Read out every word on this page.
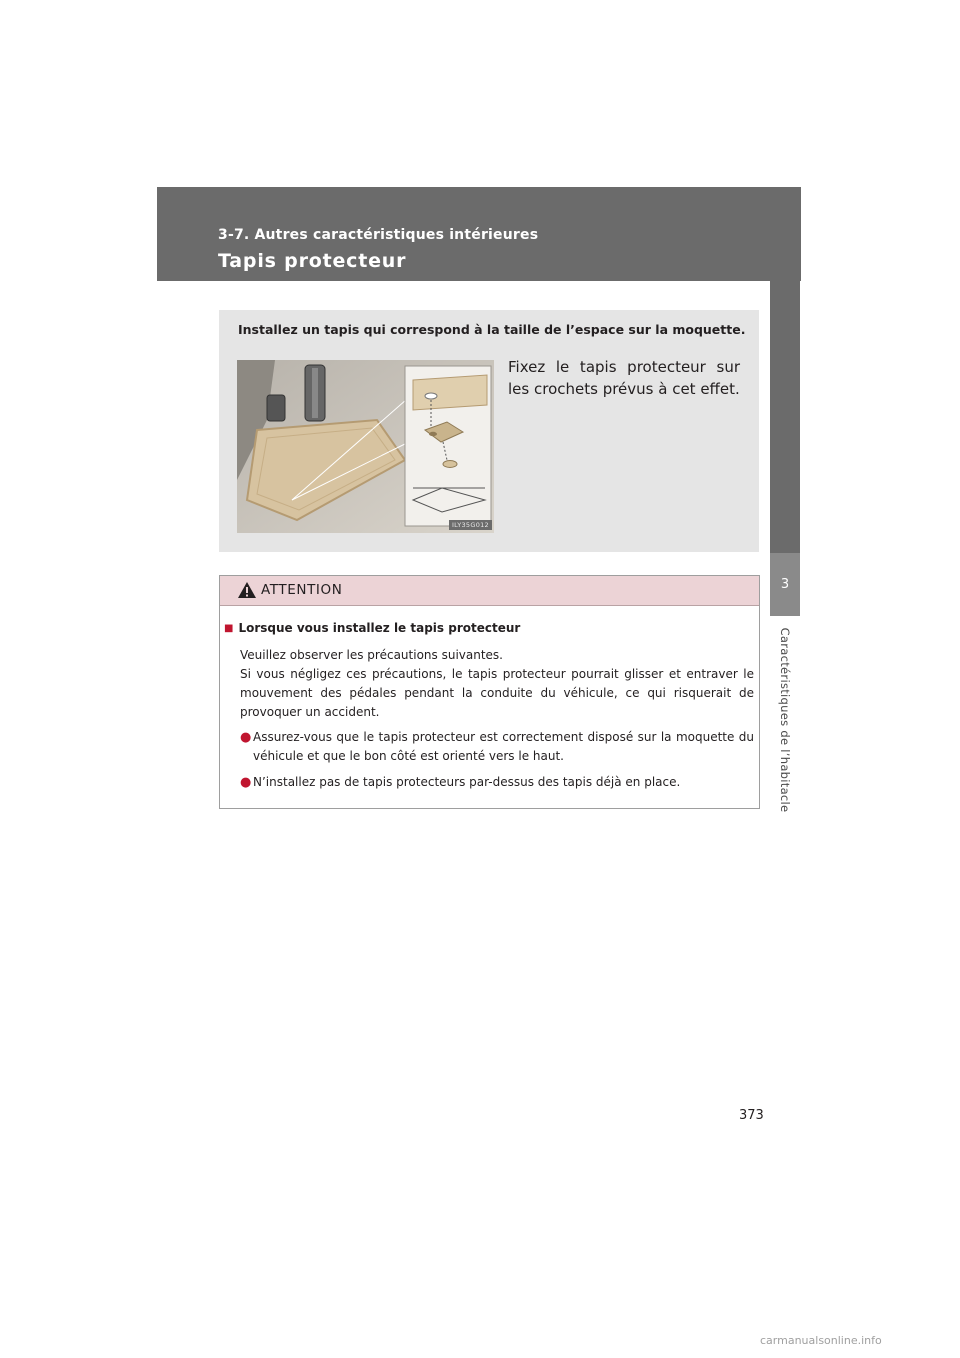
3-7. Autres caractéristiques intérieures
Tapis protecteur
3
Caractéristiques de l’habitacle
Installez un tapis qui correspond à la taille de l’espace sur la moquette.
ILY35G012
Fixez le tapis protecteur sur les crochets prévus à cet effet.
ATTENTION
■ Lorsque vous installez le tapis protecteur

Veuillez observer les précautions suivantes.

Si vous négligez ces précautions, le tapis protecteur pourrait glisser et entraver le mouvement des pédales pendant la conduite du véhicule, ce qui risquerait de provoquer un accident.

● Assurez-vous que le tapis protecteur est correctement disposé sur la moquette du véhicule et que le bon côté est orienté vers le haut.
● N’installez pas de tapis protecteurs par-dessus des tapis déjà en place.
373
carmanualsonline.info
